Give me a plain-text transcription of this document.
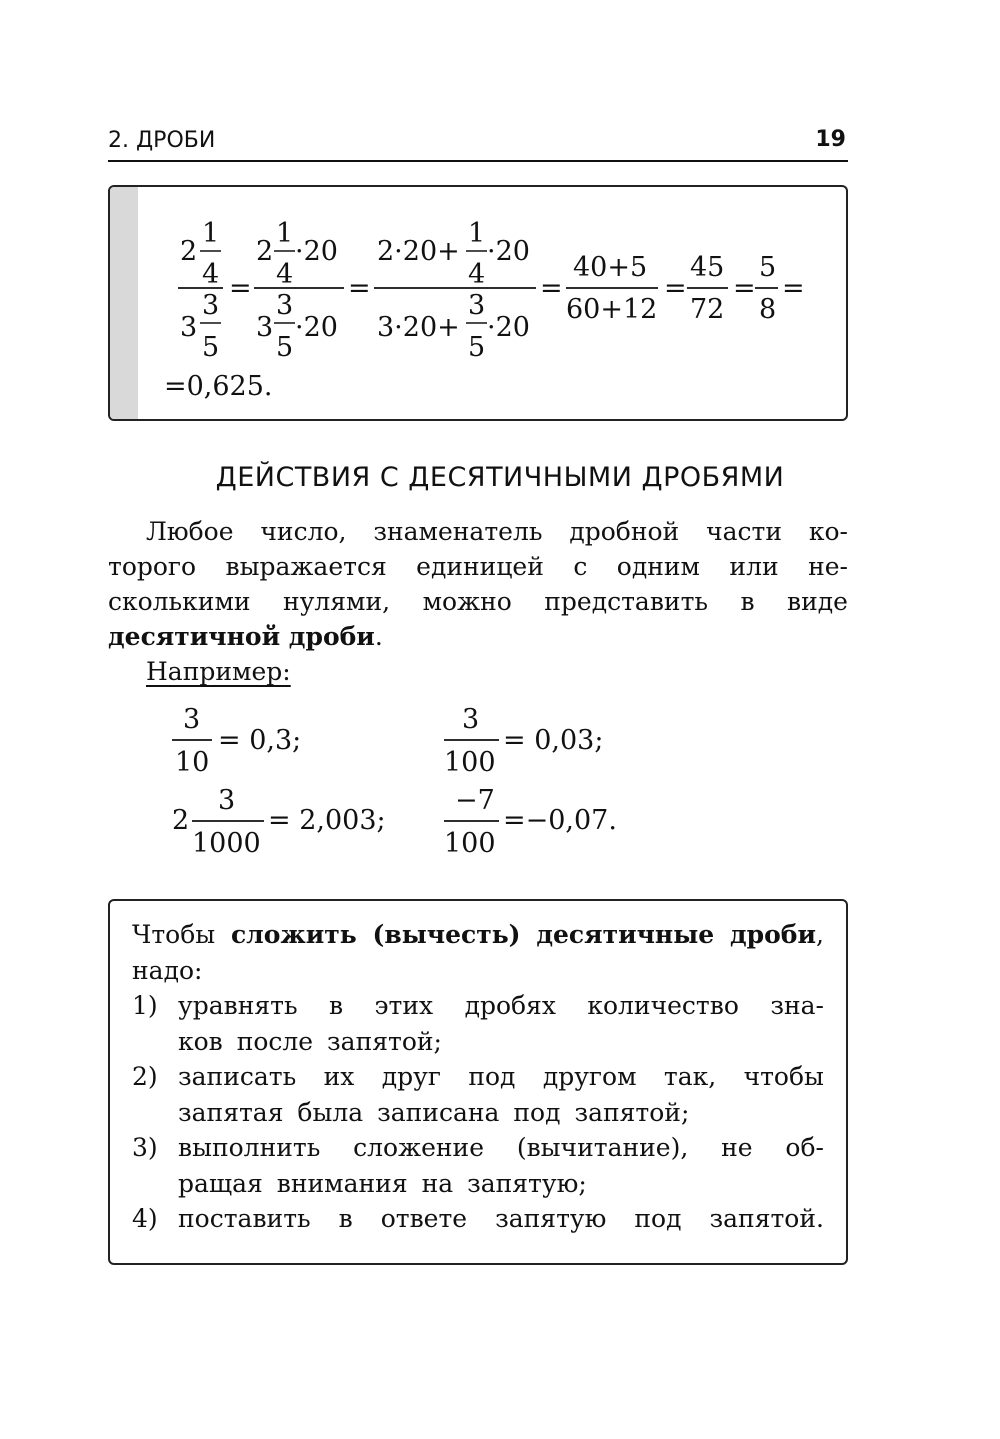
2. ДРОБИ	19
2
1
4
3
3
5
=
2
1
4
·20
3
3
5
·20
=
2·20+
1
4
·20
3·20+
3
5
·20
=
40+5
60+12
=
45
72
=
5
8
=
=0,625.
ДЕЙСТВИЯ С ДЕСЯТИЧНЫМИ ДРОБЯМИ
Любое число, знаменатель дробной части ко-
торого выражается единицей с одним или не-
сколькими нулями, можно представить в виде
десятичной дроби.
Например:
3
10
= 0,3;
3
100
= 0,03;
2
3
1000
= 2,003;
−7
100
=−0,07.
Чтобы сложить (вычесть) десятичные дроби,
надо:
1) уравнять в этих дробях количество зна-
ков после запятой;
2) записать их друг под другом так, чтобы
запятая была записана под запятой;
3) выполнить сложение (вычитание), не об-
ращая внимания на запятую;
4) поставить в ответе запятую под запятой.
